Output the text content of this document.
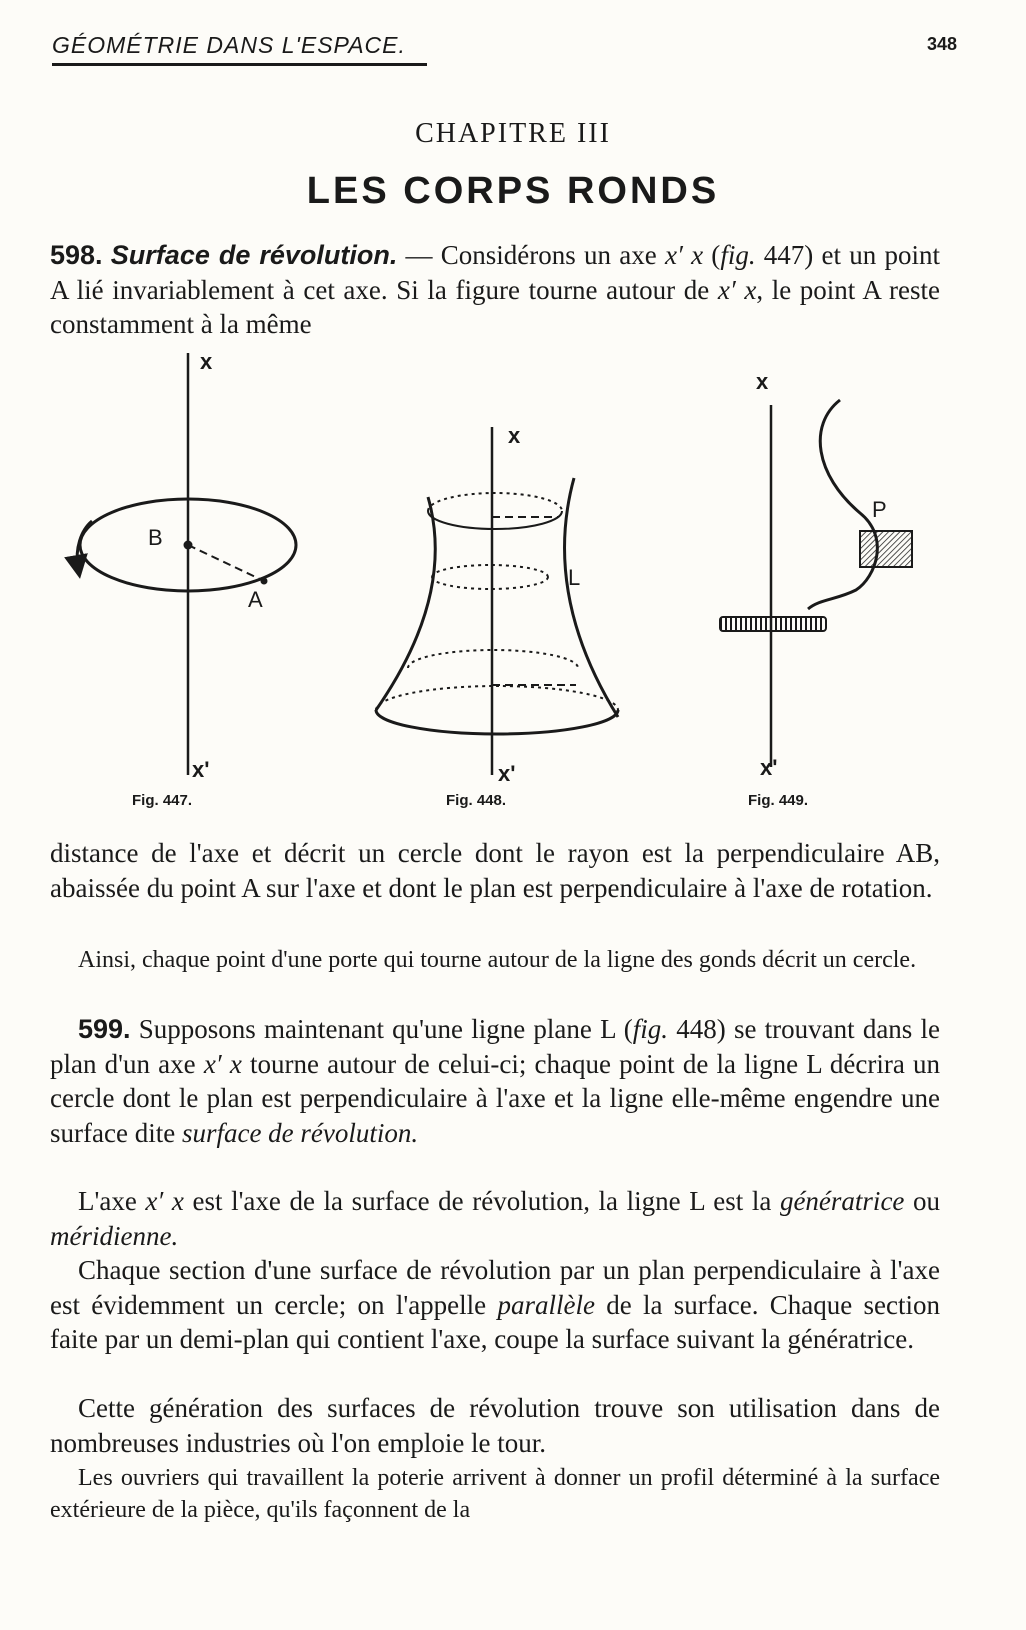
GÉOMÉTRIE DANS L'ESPACE.	348
CHAPITRE III
LES CORPS RONDS

598. Surface de révolution. — Considérons un axe x′ x (fig. 447) et un point A lié invariablement à cet axe. Si la figure tourne autour de x′ x, le point A reste constamment à la même

x
x'
B
A
Fig. 447.
x
x'
L
Fig. 448.
x
x'
P
Fig. 449.

distance de l'axe et décrit un cercle dont le rayon est la perpendiculaire AB, abaissée du point A sur l'axe et dont le plan est perpendiculaire à l'axe de rotation.

Ainsi, chaque point d'une porte qui tourne autour de la ligne des gonds décrit un cercle.

599. Supposons maintenant qu'une ligne plane L (fig. 448) se trouvant dans le plan d'un axe x′ x tourne autour de celui-ci; chaque point de la ligne L décrira un cercle dont le plan est perpendiculaire à l'axe et la ligne elle-même engendre une surface dite surface de révolution.

L'axe x′ x est l'axe de la surface de révolution, la ligne L est la génératrice ou méridienne.

Chaque section d'une surface de révolution par un plan perpendiculaire à l'axe est évidemment un cercle; on l'appelle parallèle de la surface. Chaque section faite par un demi-plan qui contient l'axe, coupe la surface suivant la génératrice.

Cette génération des surfaces de révolution trouve son utilisation dans de nombreuses industries où l'on emploie le tour.

Les ouvriers qui travaillent la poterie arrivent à donner un profil déterminé à la surface extérieure de la pièce, qu'ils façonnent de la
